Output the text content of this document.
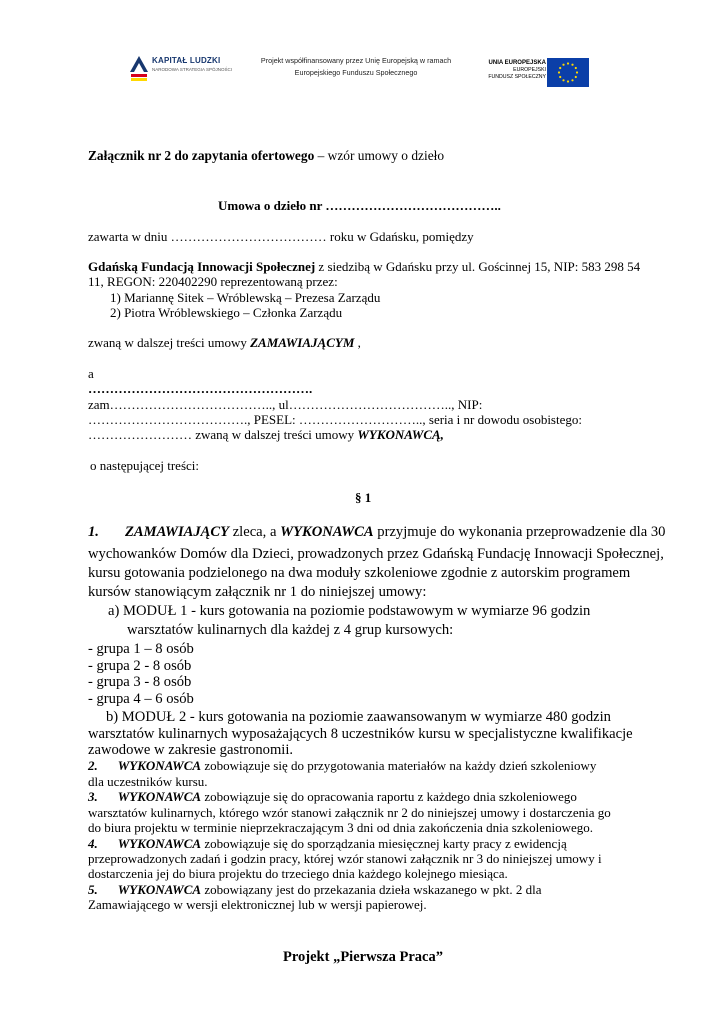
KAPITAŁ LUDZKI
NARODOWA STRATEGIA SPÓJNOŚCI
Projekt współfinansowany przez Unię Europejską w ramach
Europejskiego Funduszu Społecznego
UNIA EUROPEJSKA
EUROPEJSKI
FUNDUSZ SPOŁECZNY
Załącznik nr 2 do zapytania ofertowego – wzór umowy o dzieło
Umowa o dzieło nr …………………………………..
zawarta w dniu ……………………………… roku w Gdańsku, pomiędzy
Gdańską Fundacją Innowacji Społecznej z siedzibą w Gdańsku przy ul. Gościnnej 15, NIP: 583 298 54
11, REGON: 220402290 reprezentowaną przez:
1) Mariannę Sitek – Wróblewską – Prezesa Zarządu
2) Piotra Wróblewskiego – Członka Zarządu
zwaną w dalszej treści umowy ZAMAWIAJĄCYM ,
a
…………………………………………….
zam……………………………….., ul……………………………….., NIP:
………………………………., PESEL: ……………………….., seria i nr dowodu osobistego:
…………………… zwaną w dalszej treści umowy WYKONAWCĄ,
o następującej treści:
§ 1
1. ZAMAWIAJĄCY zleca, a WYKONAWCA przyjmuje do wykonania przeprowadzenie dla 30
wychowanków Domów dla Dzieci, prowadzonych przez Gdańską Fundację Innowacji Społecznej,
kursu gotowania podzielonego na dwa moduły szkoleniowe zgodnie z autorskim programem
kursów stanowiącym załącznik nr 1 do niniejszej umowy:
a) MODUŁ 1 - kurs gotowania na poziomie podstawowym w wymiarze 96 godzin
warsztatów kulinarnych dla każdej z 4 grup kursowych:
- grupa 1 – 8 osób
- grupa 2 - 8 osób
- grupa 3 - 8 osób
- grupa 4 – 6 osób
b) MODUŁ 2 - kurs gotowania na poziomie zaawansowanym w wymiarze 480 godzin
warsztatów kulinarnych wyposażających 8 uczestników kursu w specjalistyczne kwalifikacje
zawodowe w zakresie gastronomii.
2. WYKONAWCA zobowiązuje się do przygotowania materiałów na każdy dzień szkoleniowy
dla uczestników kursu.
3. WYKONAWCA zobowiązuje się do opracowania raportu z każdego dnia szkoleniowego
warsztatów kulinarnych, którego wzór stanowi załącznik nr 2 do niniejszej umowy i dostarczenia go
do biura projektu w terminie nieprzekraczającym 3 dni od dnia zakończenia dnia szkoleniowego.
4. WYKONAWCA zobowiązuje się do sporządzania miesięcznej karty pracy z ewidencją
przeprowadzonych zadań i godzin pracy, której wzór stanowi załącznik nr 3 do niniejszej umowy i
dostarczenia jej do biura projektu do trzeciego dnia każdego kolejnego miesiąca.
5. WYKONAWCA zobowiązany jest do przekazania dzieła wskazanego w pkt. 2 dla
Zamawiającego w wersji elektronicznej lub w wersji papierowej.
Projekt „Pierwsza Praca”
